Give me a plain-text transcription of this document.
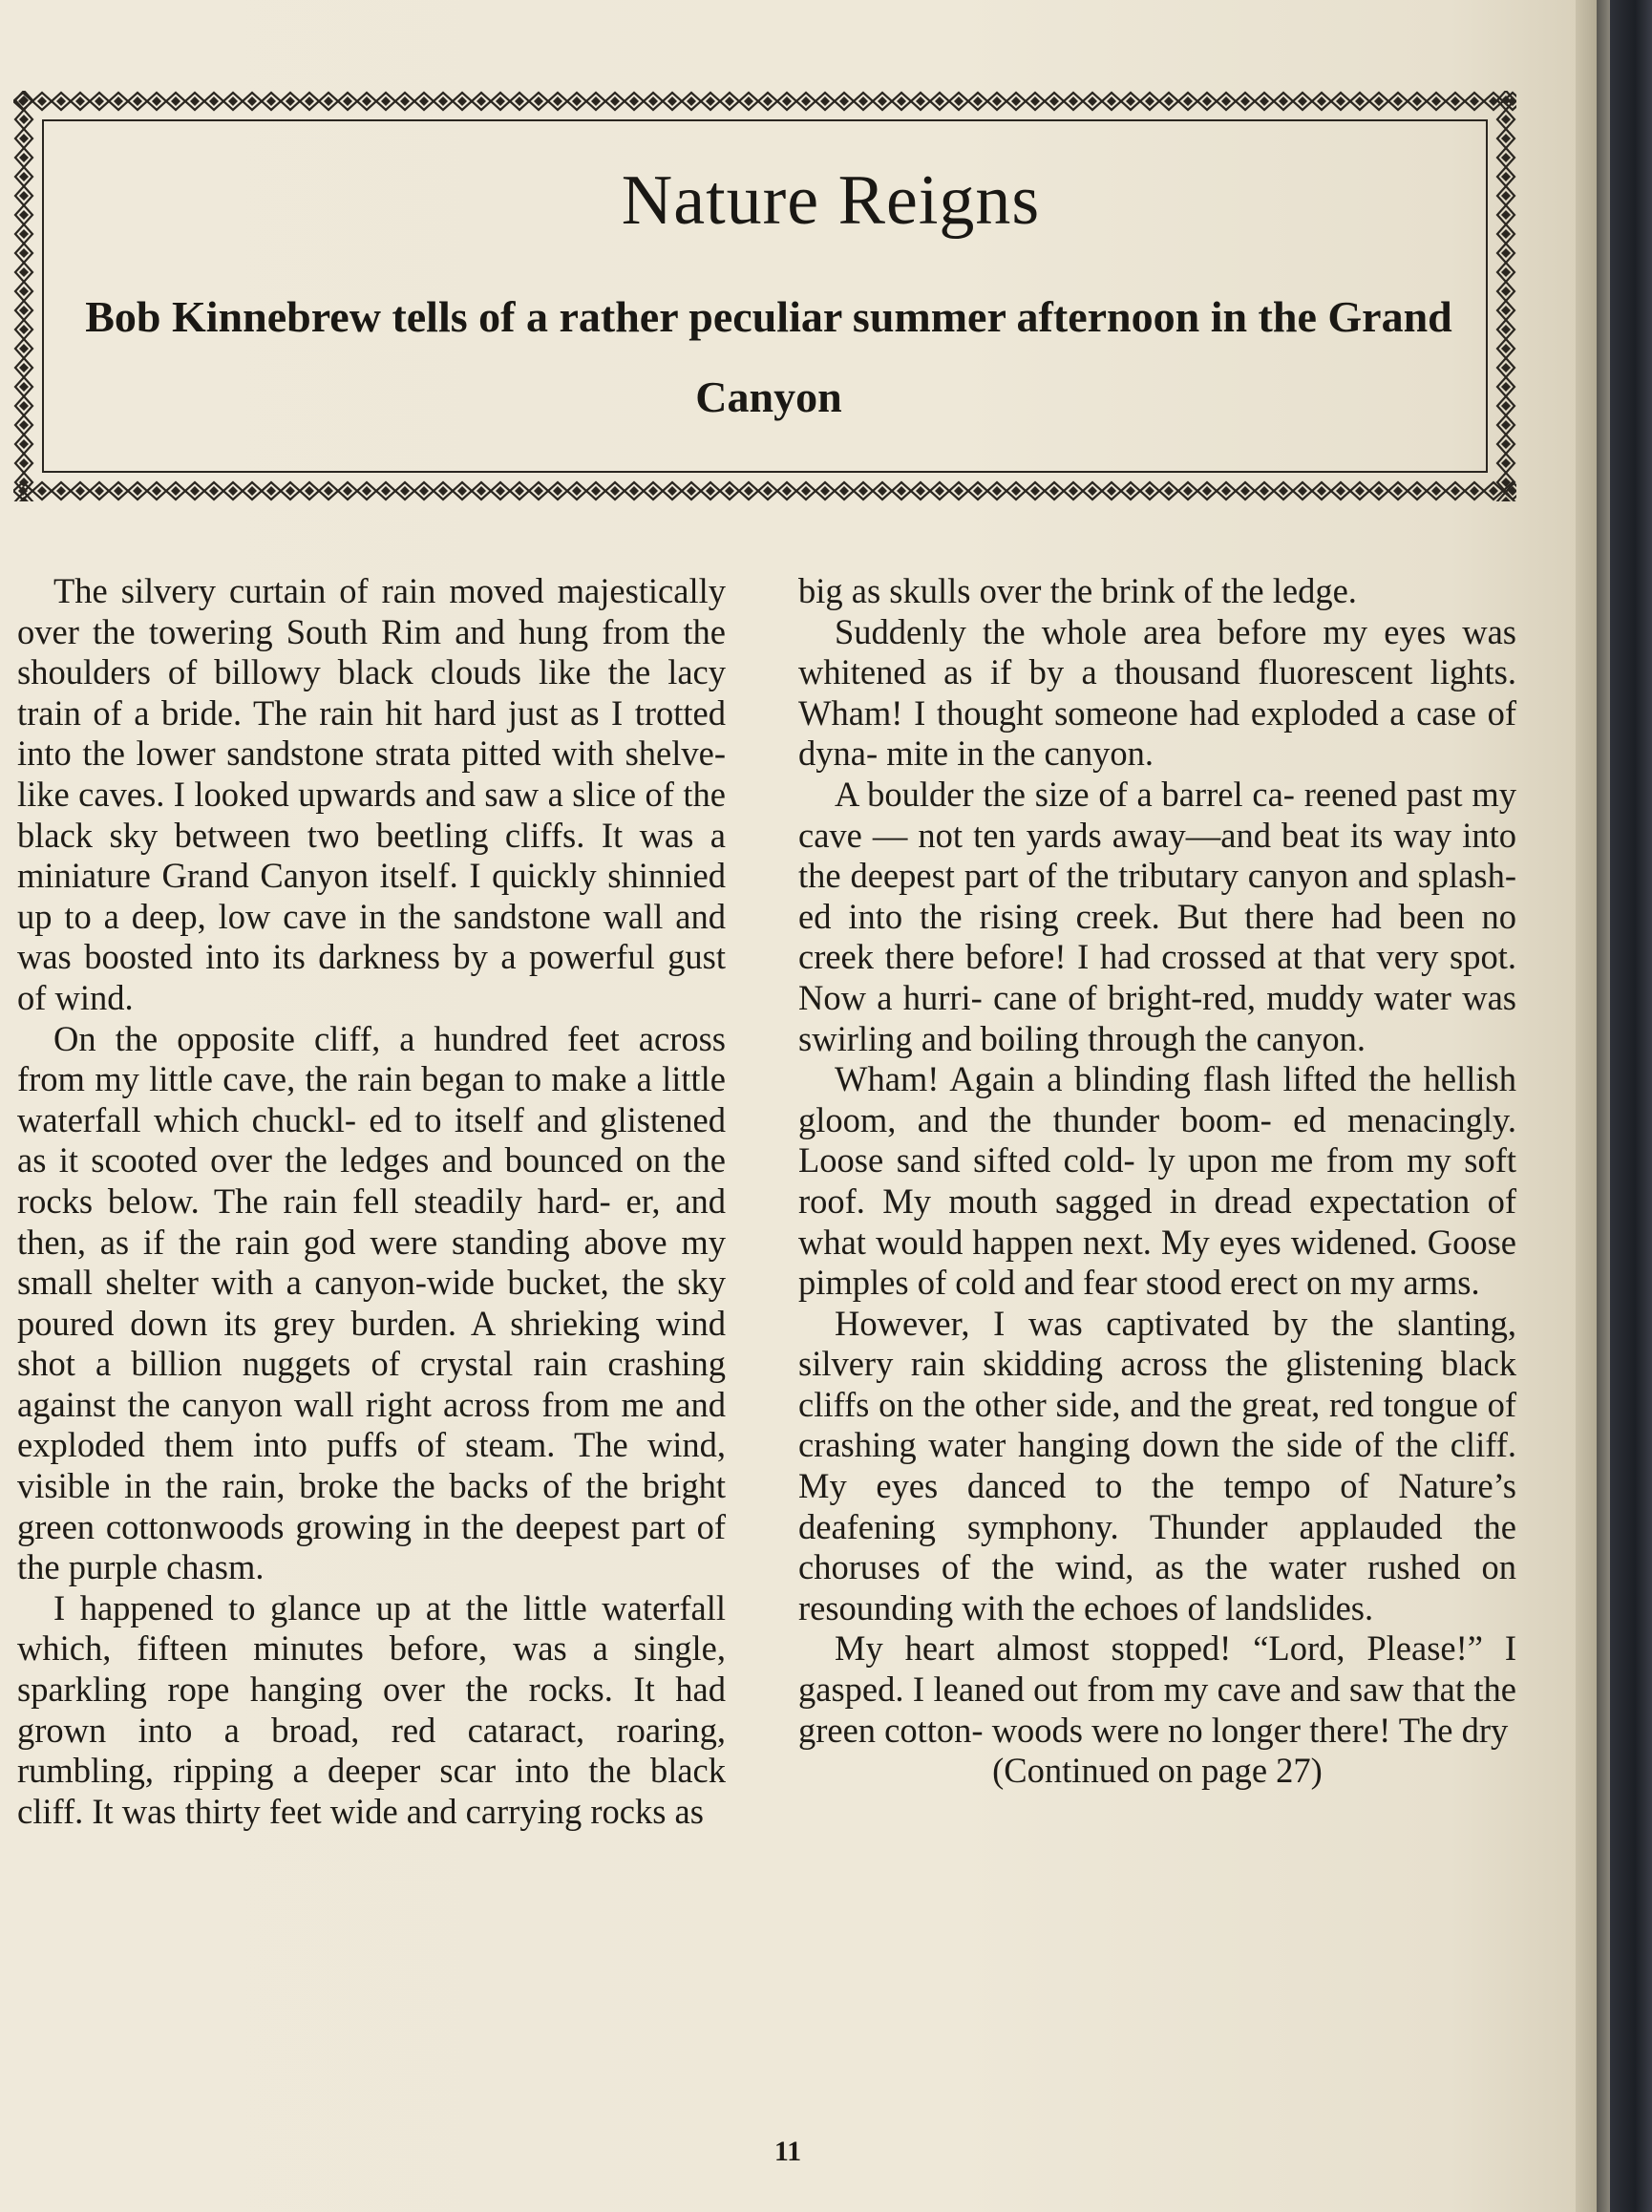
Nature Reigns
Bob Kinnebrew tells of a rather peculiar summer afternoon in the Grand Canyon

The silvery curtain of rain moved majestically over the towering South Rim and hung from the shoulders of billowy black clouds like the lacy train of a bride. The rain hit hard just as I trotted into the lower sandstone strata pitted with shelve-like caves. I looked upwards and saw a slice of the black sky between two beetling cliffs. It was a miniature Grand Canyon itself. I quickly shinnied up to a deep, low cave in the sandstone wall and was boosted into its darkness by a powerful gust of wind.

On the opposite cliff, a hundred feet across from my little cave, the rain began to make a little waterfall which chuckl- ed to itself and glistened as it scooted over the ledges and bounced on the rocks below. The rain fell steadily hard- er, and then, as if the rain god were standing above my small shelter with a canyon-wide bucket, the sky poured down its grey burden. A shrieking wind shot a billion nuggets of crystal rain crashing against the canyon wall right across from me and exploded them into puffs of steam. The wind, visible in the rain, broke the backs of the bright green cottonwoods growing in the deepest part of the purple chasm.

I happened to glance up at the little waterfall which, fifteen minutes before, was a single, sparkling rope hanging over the rocks. It had grown into a broad, red cataract, roaring, rumbling, ripping a deeper scar into the black cliff. It was thirty feet wide and carrying rocks as

big as skulls over the brink of the ledge.

Suddenly the whole area before my eyes was whitened as if by a thousand fluorescent lights. Wham! I thought someone had exploded a case of dyna- mite in the canyon.

A boulder the size of a barrel ca- reened past my cave — not ten yards away—and beat its way into the deepest part of the tributary canyon and splash- ed into the rising creek. But there had been no creek there before! I had crossed at that very spot. Now a hurri- cane of bright-red, muddy water was swirling and boiling through the canyon.

Wham! Again a blinding flash lifted the hellish gloom, and the thunder boom- ed menacingly. Loose sand sifted cold- ly upon me from my soft roof. My mouth sagged in dread expectation of what would happen next. My eyes widened. Goose pimples of cold and fear stood erect on my arms.

However, I was captivated by the slanting, silvery rain skidding across the glistening black cliffs on the other side, and the great, red tongue of crashing water hanging down the side of the cliff. My eyes danced to the tempo of Nature’s deafening symphony. Thunder applauded the choruses of the wind, as the water rushed on resounding with the echoes of landslides.

My heart almost stopped! “Lord, Please!” I gasped. I leaned out from my cave and saw that the green cotton- woods were no longer there! The dry

(Continued on page 27)

11
